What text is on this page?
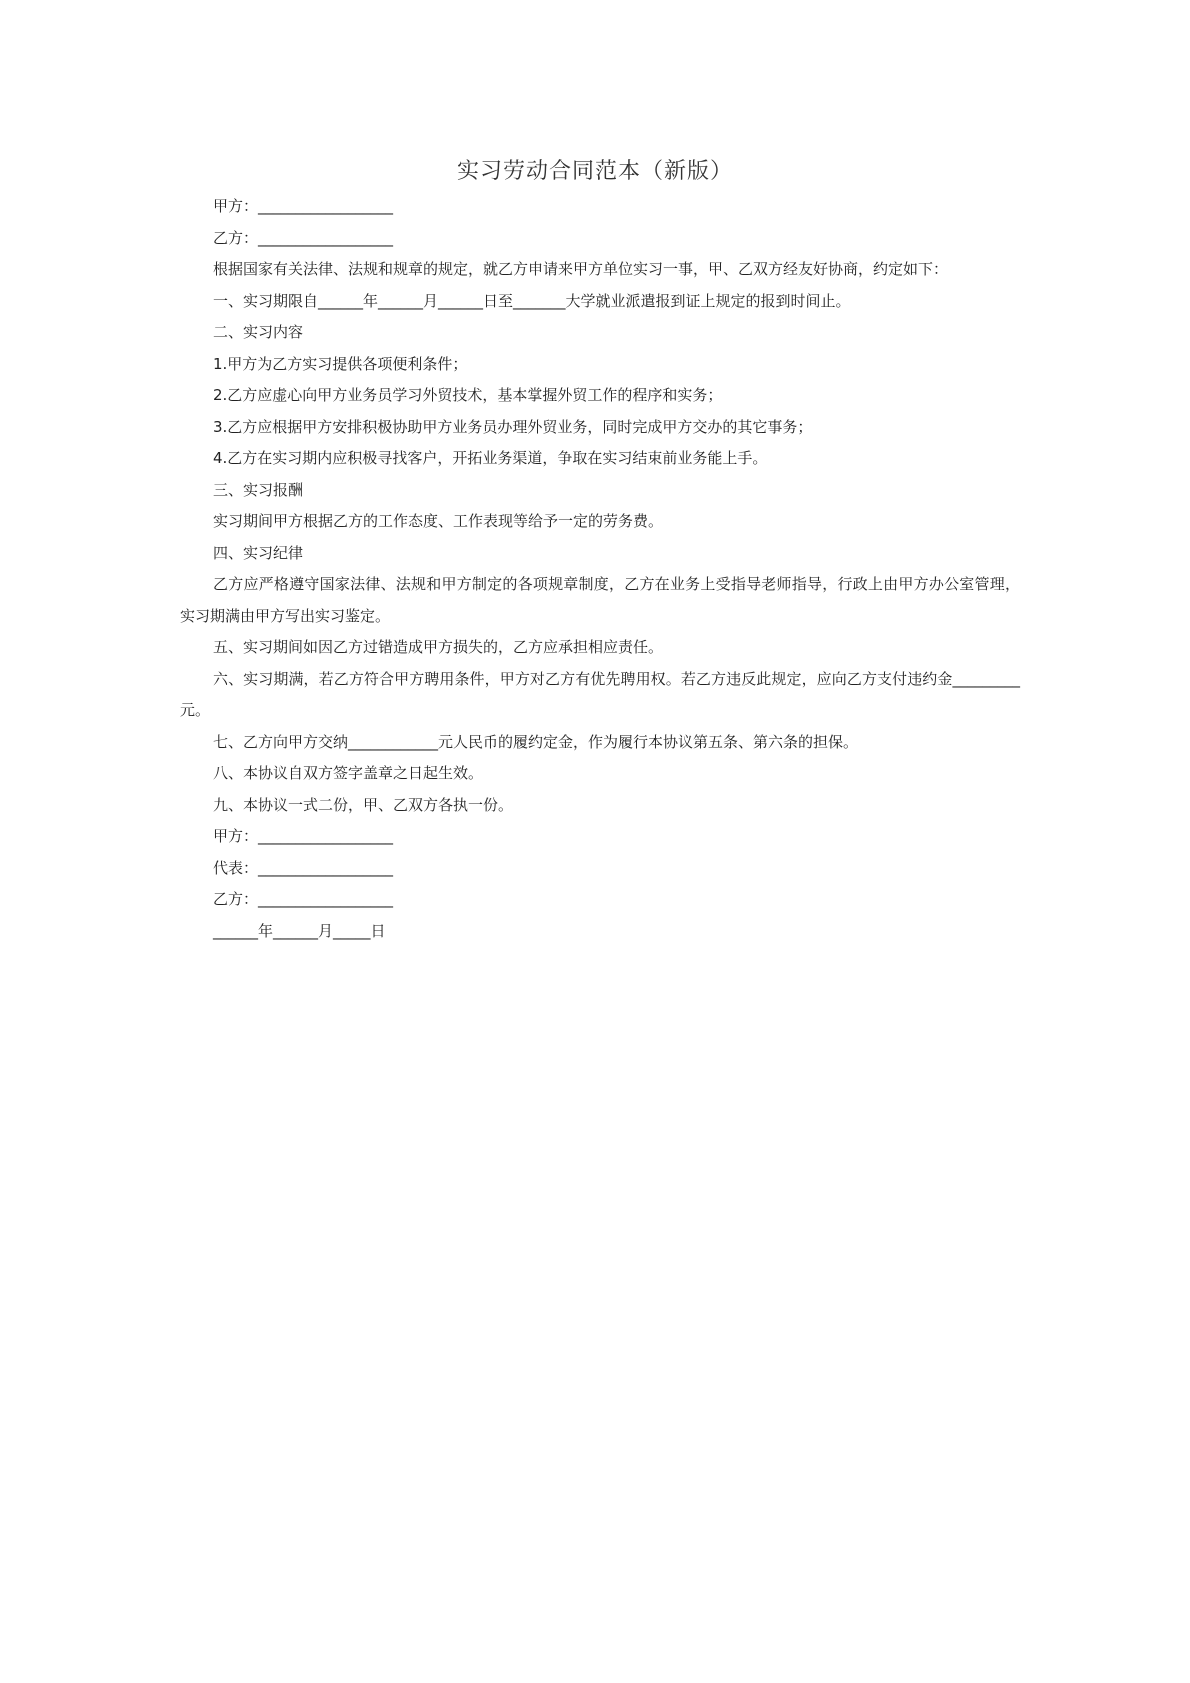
实习劳动合同范本（新版）

甲方：__________________

乙方：__________________

根据国家有关法律、法规和规章的规定，就乙方申请来甲方单位实习一事，甲、乙双方经友好协商，约定如下：

一、实习期限自______年______月______日至_______大学就业派遣报到证上规定的报到时间止。

二、实习内容

1.甲方为乙方实习提供各项便利条件；

2.乙方应虚心向甲方业务员学习外贸技术，基本掌握外贸工作的程序和实务；

3.乙方应根据甲方安排积极协助甲方业务员办理外贸业务，同时完成甲方交办的其它事务；

4.乙方在实习期内应积极寻找客户，开拓业务渠道，争取在实习结束前业务能上手。

三、实习报酬

实习期间甲方根据乙方的工作态度、工作表现等给予一定的劳务费。

四、实习纪律

乙方应严格遵守国家法律、法规和甲方制定的各项规章制度，乙方在业务上受指导老师指导，行政上由甲方办公室管理，实习期满由甲方写出实习鉴定。

五、实习期间如因乙方过错造成甲方损失的，乙方应承担相应责任。

六、实习期满，若乙方符合甲方聘用条件，甲方对乙方有优先聘用权。若乙方违反此规定，应向乙方支付违约金_________元。

七、乙方向甲方交纳____________元人民币的履约定金，作为履行本协议第五条、第六条的担保。

八、本协议自双方签字盖章之日起生效。

九、本协议一式二份，甲、乙双方各执一份。

甲方：__________________

代表：__________________

乙方：__________________

______年______月_____日
